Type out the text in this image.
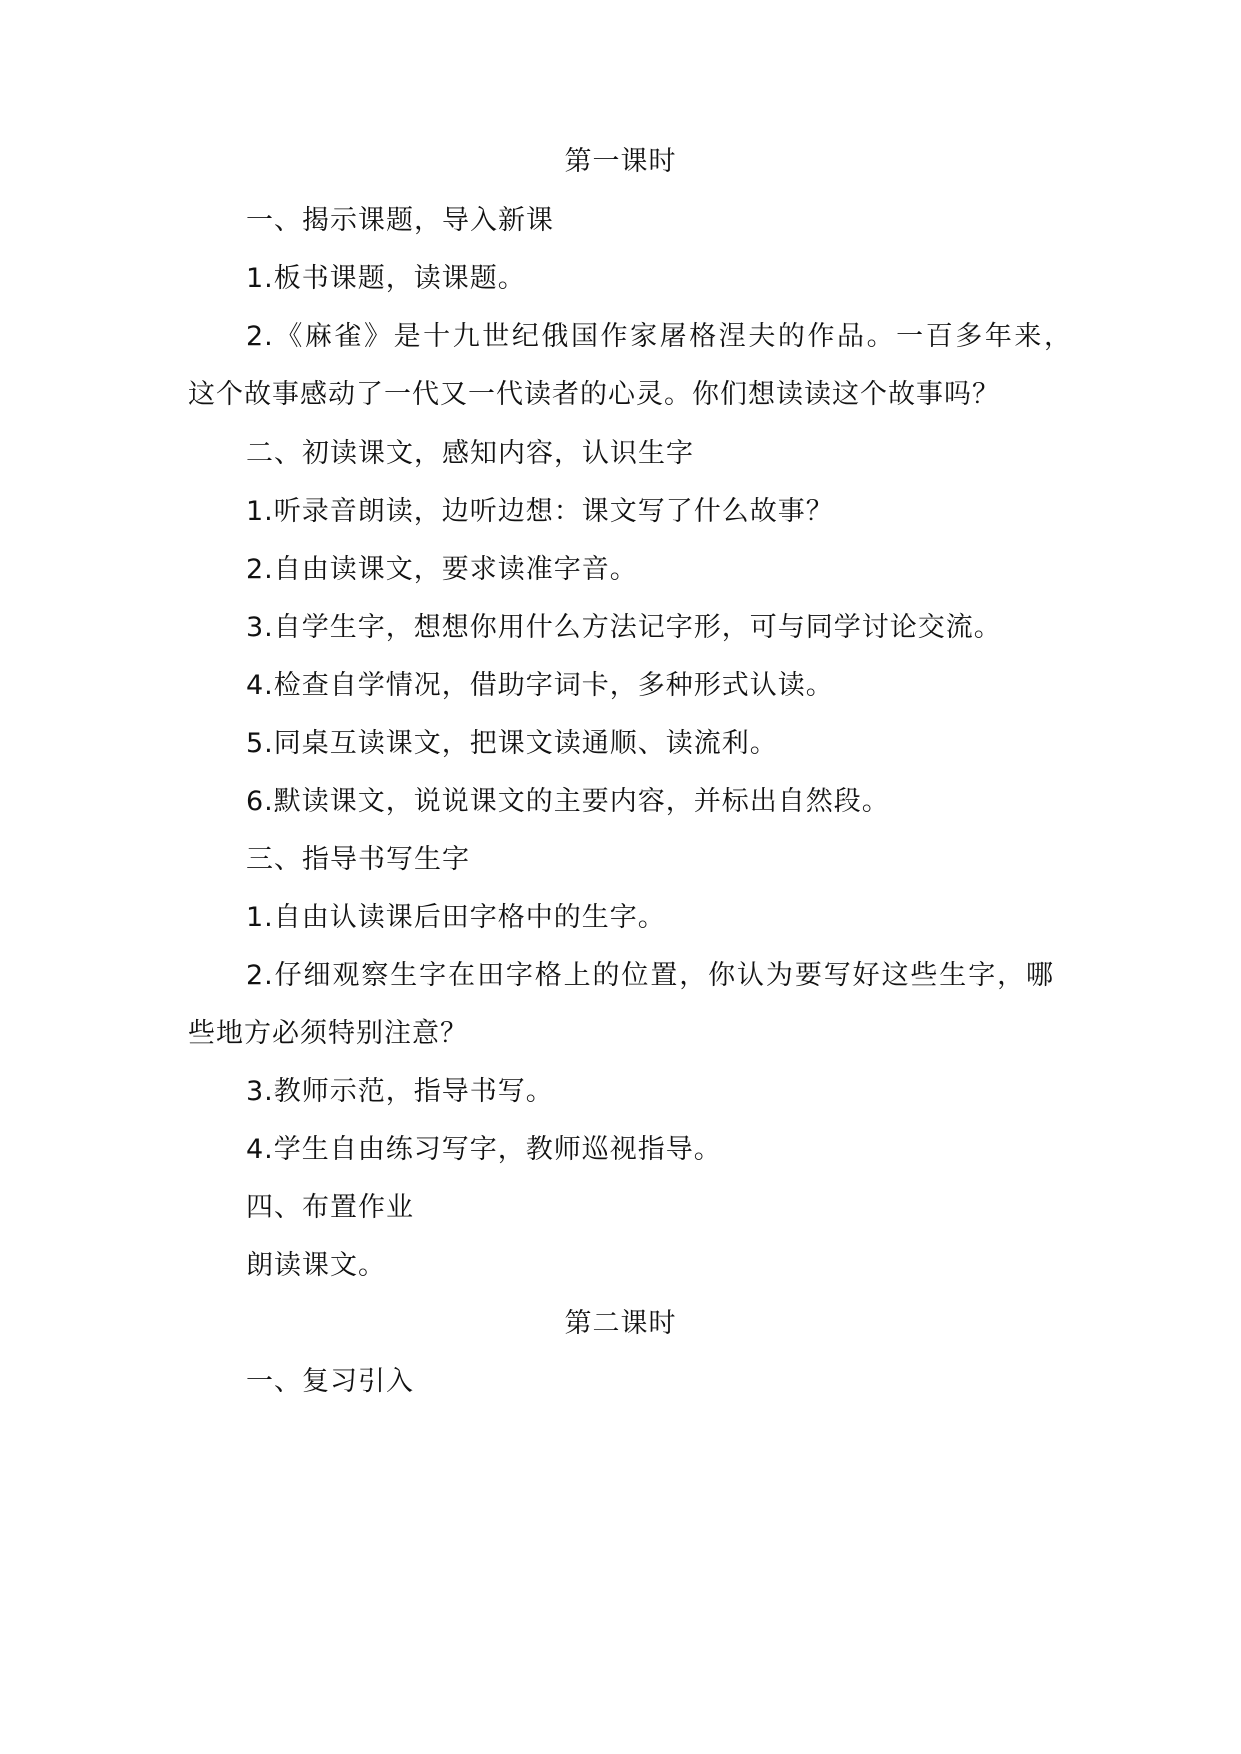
第一课时
一、揭示课题，导入新课
1.板书课题，读课题。
2.《麻雀》是十九世纪俄国作家屠格涅夫的作品。一百多年来，
这个故事感动了一代又一代读者的心灵。你们想读读这个故事吗？
二、初读课文，感知内容，认识生字
1.听录音朗读，边听边想：课文写了什么故事？
2.自由读课文，要求读准字音。
3.自学生字，想想你用什么方法记字形，可与同学讨论交流。
4.检查自学情况，借助字词卡，多种形式认读。
5.同桌互读课文，把课文读通顺、读流利。
6.默读课文，说说课文的主要内容，并标出自然段。
三、指导书写生字
1.自由认读课后田字格中的生字。
2.仔细观察生字在田字格上的位置，你认为要写好这些生字，哪
些地方必须特别注意？
3.教师示范，指导书写。
4.学生自由练习写字，教师巡视指导。
四、布置作业
朗读课文。
第二课时
一、复习引入
